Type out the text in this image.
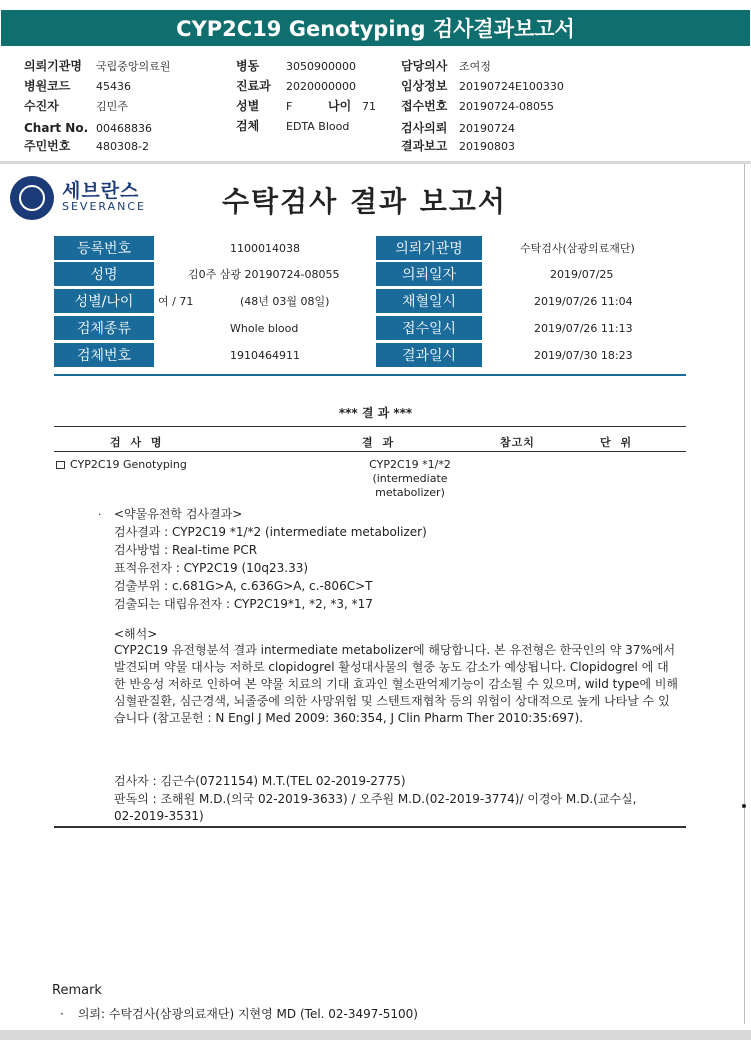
CYP2C19 Genotyping 검사결과보고서
의뢰기관명 국립중앙의료원
병원코드 45436
수진자	김민주
Chart No. 00468836
주민번호 480308-2
병동 3050900000
진료과 2020000000
성별 F	나이 71
검체 EDTA Blood
담당의사 조여정
임상정보 20190724E100330
접수번호 20190724-08055
검사의뢰 20190724
결과보고 20190803
세브란스
SEVERANCE	수탁검사 결과 보고서
등록번호	1100014038	의뢰기관명	수탁검사(삼광의료재단)
성명	김0주 삼광 20190724-08055	의뢰일자	2019/07/25
성별/나이	여 / 71	(48년 03월 08일)	채혈일시	2019/07/26 11:04
검체종류	Whole blood	접수일시	2019/07/26 11:13
검체번호	1910464911	결과일시	2019/07/30 18:23
*** 결 과 ***
검 사 명	결 과	참고치	단 위
CYP2C19 Genotyping	CYP2C19 *1/*2
(intermediate
metabolizer)
· <약물유전학 검사결과>
검사결과 : CYP2C19 *1/*2 (intermediate metabolizer)
검사방법 : Real-time PCR
표적유전자 : CYP2C19 (10q23.33)
검출부위 : c.681G>A, c.636G>A, c.-806C>T
검출되는 대립유전자 : CYP2C19*1, *2, *3, *17
<해석>
CYP2C19 유전형분석 결과 intermediate metabolizer에 해당합니다. 본 유전형은 한국인의 약 37%에서 발견되며 약물 대사능 저하로 clopidogrel 활성대사물의 혈중 농도 감소가 예상됩니다. Clopidogrel 에 대한 반응성 저하로 인하여 본 약물 치료의 기대 효과인 혈소판억제기능이 감소될 수 있으며, wild type에 비해 심혈관질환, 심근경색, 뇌졸중에 의한 사망위험 및 스텐트재협착 등의 위험이 상대적으로 높게 나타날 수 있습니다 (참고문헌 : N Engl J Med 2009: 360:354, J Clin Pharm Ther 2010:35:697).
검사자 : 김근수(0721154) M.T.(TEL 02-2019-2775)
판독의 : 조해원 M.D.(의국 02-2019-3633) / 오주원 M.D.(02-2019-3774)/ 이경아 M.D.(교수실,
02-2019-3531)
Remark
· 의뢰: 수탁검사(삼광의료재단) 지현영 MD (Tel. 02-3497-5100)
